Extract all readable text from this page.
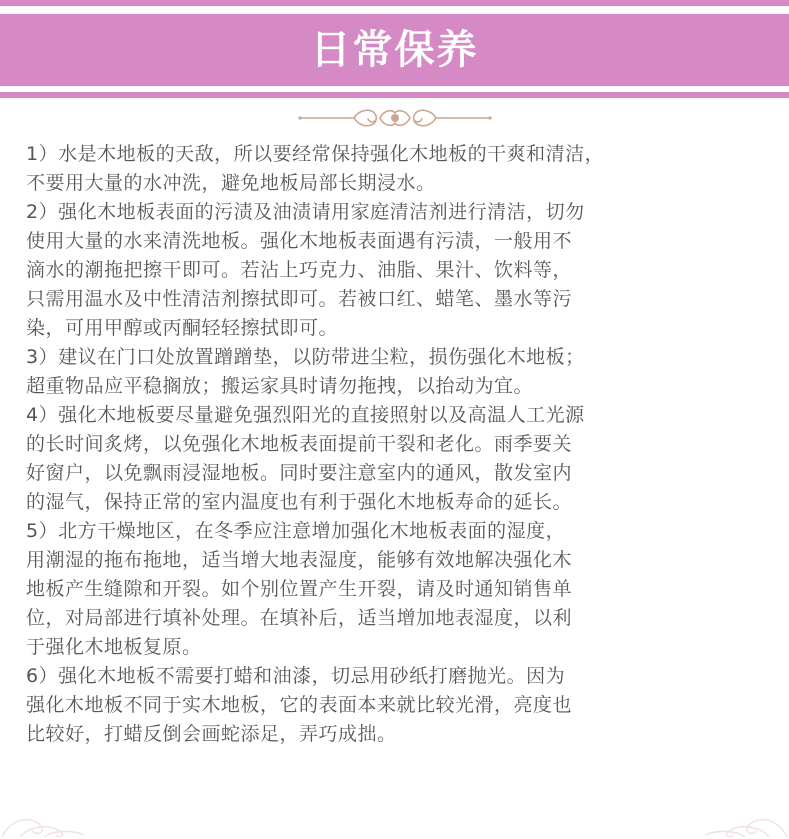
日常保养

1）水是木地板的天敌，所以要经常保持强化木地板的干爽和清洁，
不要用大量的水冲洗，避免地板局部长期浸水。

2）强化木地板表面的污渍及油渍请用家庭清洁剂进行清洁，切勿
使用大量的水来清洗地板。强化木地板表面遇有污渍，一般用不
滴水的潮拖把擦干即可。若沾上巧克力、油脂、果汁、饮料等，
只需用温水及中性清洁剂擦拭即可。若被口红、蜡笔、墨水等污
染，可用甲醇或丙酮轻轻擦拭即可。

3）建议在门口处放置蹭蹭垫，以防带进尘粒，损伤强化木地板；
超重物品应平稳搁放；搬运家具时请勿拖拽，以抬动为宜。

4）强化木地板要尽量避免强烈阳光的直接照射以及高温人工光源
的长时间炙烤，以免强化木地板表面提前干裂和老化。雨季要关
好窗户，以免飘雨浸湿地板。同时要注意室内的通风，散发室内
的湿气，保持正常的室内温度也有利于强化木地板寿命的延长。

5）北方干燥地区，在冬季应注意增加强化木地板表面的湿度，
用潮湿的拖布拖地，适当增大地表湿度，能够有效地解决强化木
地板产生缝隙和开裂。如个别位置产生开裂，请及时通知销售单
位，对局部进行填补处理。在填补后，适当增加地表湿度，以利
于强化木地板复原。

6）强化木地板不需要打蜡和油漆，切忌用砂纸打磨抛光。因为
强化木地板不同于实木地板，它的表面本来就比较光滑，亮度也
比较好，打蜡反倒会画蛇添足，弄巧成拙。
